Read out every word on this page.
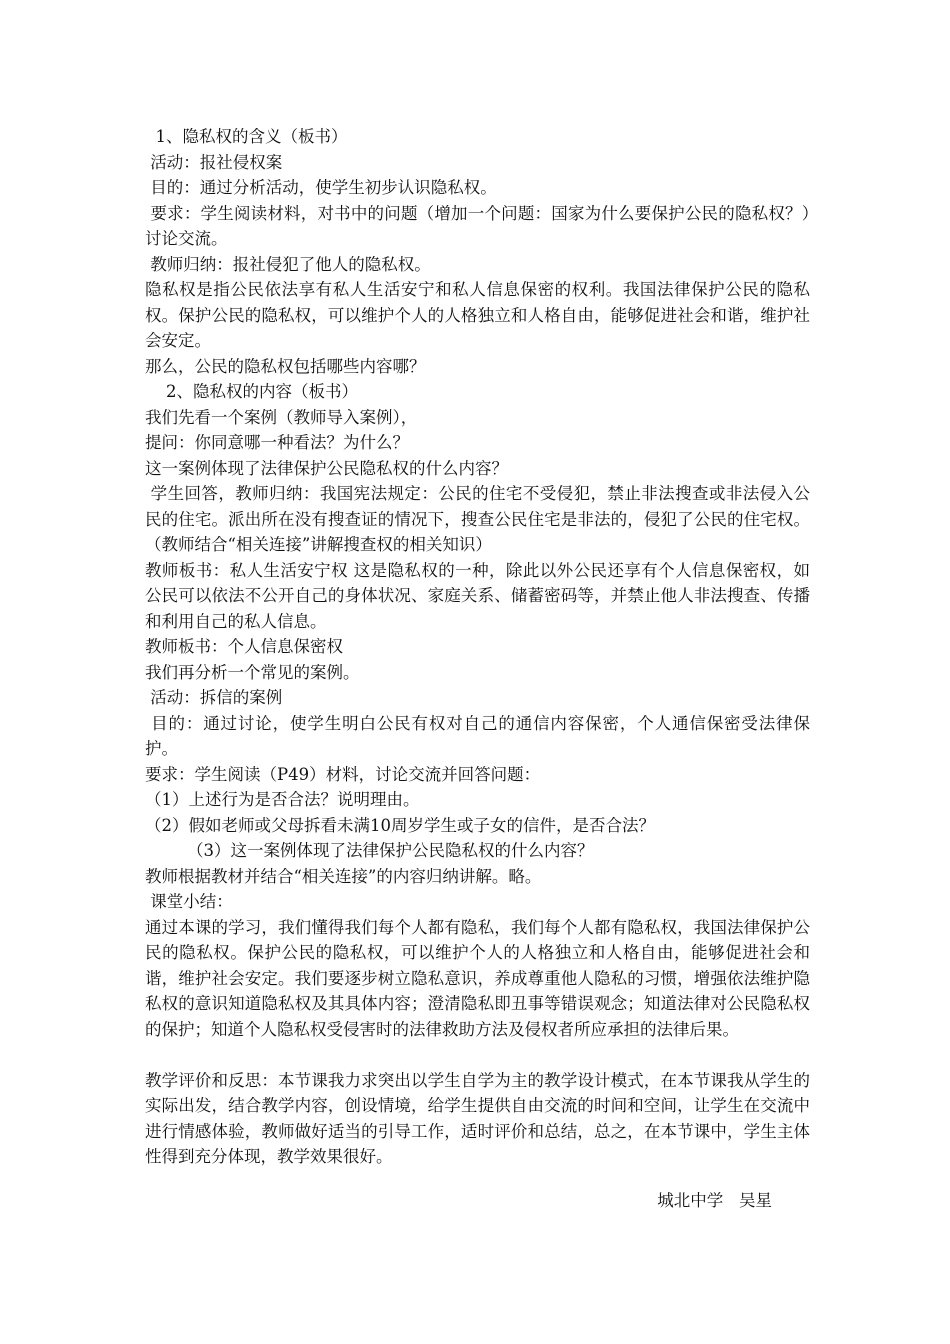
1、隐私权的含义（板书）

活动：报社侵权案

目的：通过分析活动，使学生初步认识隐私权。

要求：学生阅读材料，对书中的问题（增加一个问题：国家为什么要保护公民的隐私权？）讨论交流。

教师归纳：报社侵犯了他人的隐私权。

隐私权是指公民依法享有私人生活安宁和私人信息保密的权利。我国法律保护公民的隐私权。保护公民的隐私权，可以维护个人的人格独立和人格自由，能够促进社会和谐，维护社会安定。

那么，公民的隐私权包括哪些内容哪？

2、隐私权的内容（板书）

我们先看一个案例（教师导入案例），

提问：你同意哪一种看法？为什么？

这一案例体现了法律保护公民隐私权的什么内容？

学生回答，教师归纳：我国宪法规定：公民的住宅不受侵犯，禁止非法搜查或非法侵入公民的住宅。派出所在没有搜查证的情况下，搜查公民住宅是非法的，侵犯了公民的住宅权。（教师结合“相关连接”讲解搜查权的相关知识）

教师板书：私人生活安宁权 这是隐私权的一种，除此以外公民还享有个人信息保密权，如公民可以依法不公开自己的身体状况、家庭关系、储蓄密码等，并禁止他人非法搜查、传播和利用自己的私人信息。

教师板书：个人信息保密权

我们再分析一个常见的案例。

活动：拆信的案例

目的：通过讨论，使学生明白公民有权对自己的通信内容保密，个人通信保密受法律保护。

要求：学生阅读（P49）材料，讨论交流并回答问题：

（1）上述行为是否合法？说明理由。

（2）假如老师或父母拆看未满10周岁学生或子女的信件，是否合法？

（3）这一案例体现了法律保护公民隐私权的什么内容？

教师根据教材并结合“相关连接”的内容归纳讲解。略。

课堂小结：

通过本课的学习，我们懂得我们每个人都有隐私，我们每个人都有隐私权，我国法律保护公民的隐私权。保护公民的隐私权，可以维护个人的人格独立和人格自由，能够促进社会和谐，维护社会安定。我们要逐步树立隐私意识，养成尊重他人隐私的习惯，增强依法维护隐私权的意识知道隐私权及其具体内容；澄清隐私即丑事等错误观念；知道法律对公民隐私权的保护；知道个人隐私权受侵害时的法律救助方法及侵权者所应承担的法律后果。

教学评价和反思：本节课我力求突出以学生自学为主的教学设计模式，在本节课我从学生的实际出发，结合教学内容，创设情境，给学生提供自由交流的时间和空间，让学生在交流中进行情感体验，教师做好适当的引导工作，适时评价和总结，总之，在本节课中，学生主体性得到充分体现，教学效果很好。

城北中学   吴星
